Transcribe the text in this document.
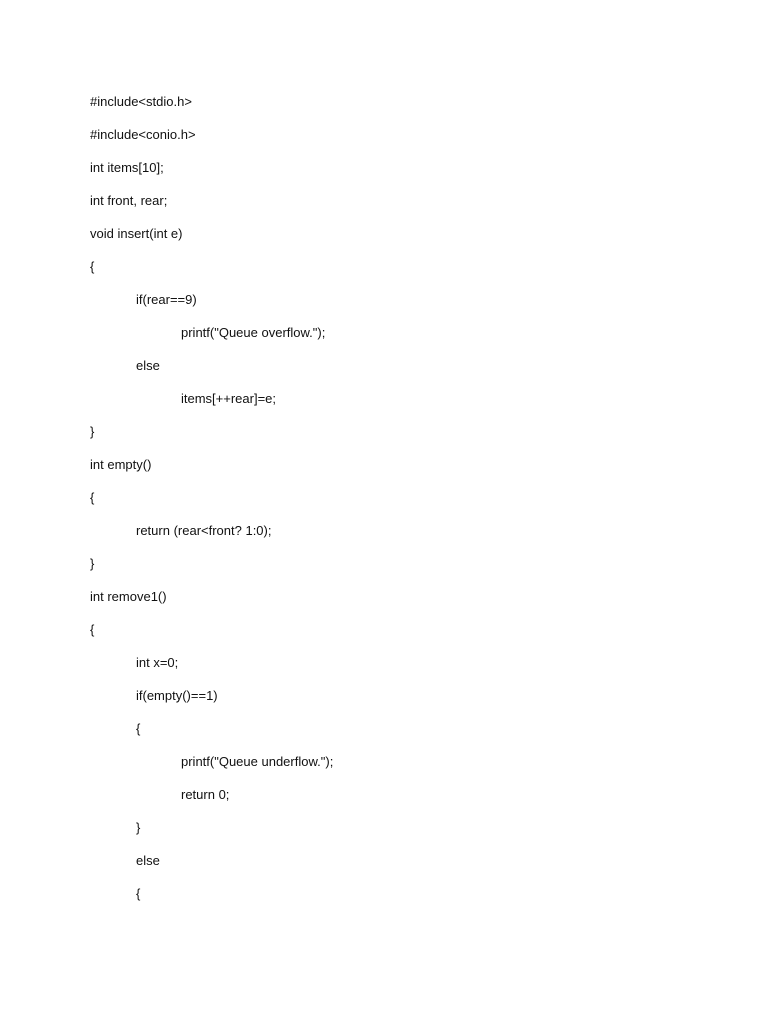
#include<stdio.h>
#include<conio.h>
int items[10];
int front, rear;
void insert(int e)
{
if(rear==9)
printf("Queue overflow.");
else
items[++rear]=e;
}
int empty()
{
return (rear<front? 1:0);
}
int remove1()
{
int x=0;
if(empty()==1)
{
printf("Queue underflow.");
return 0;
}
else
{
